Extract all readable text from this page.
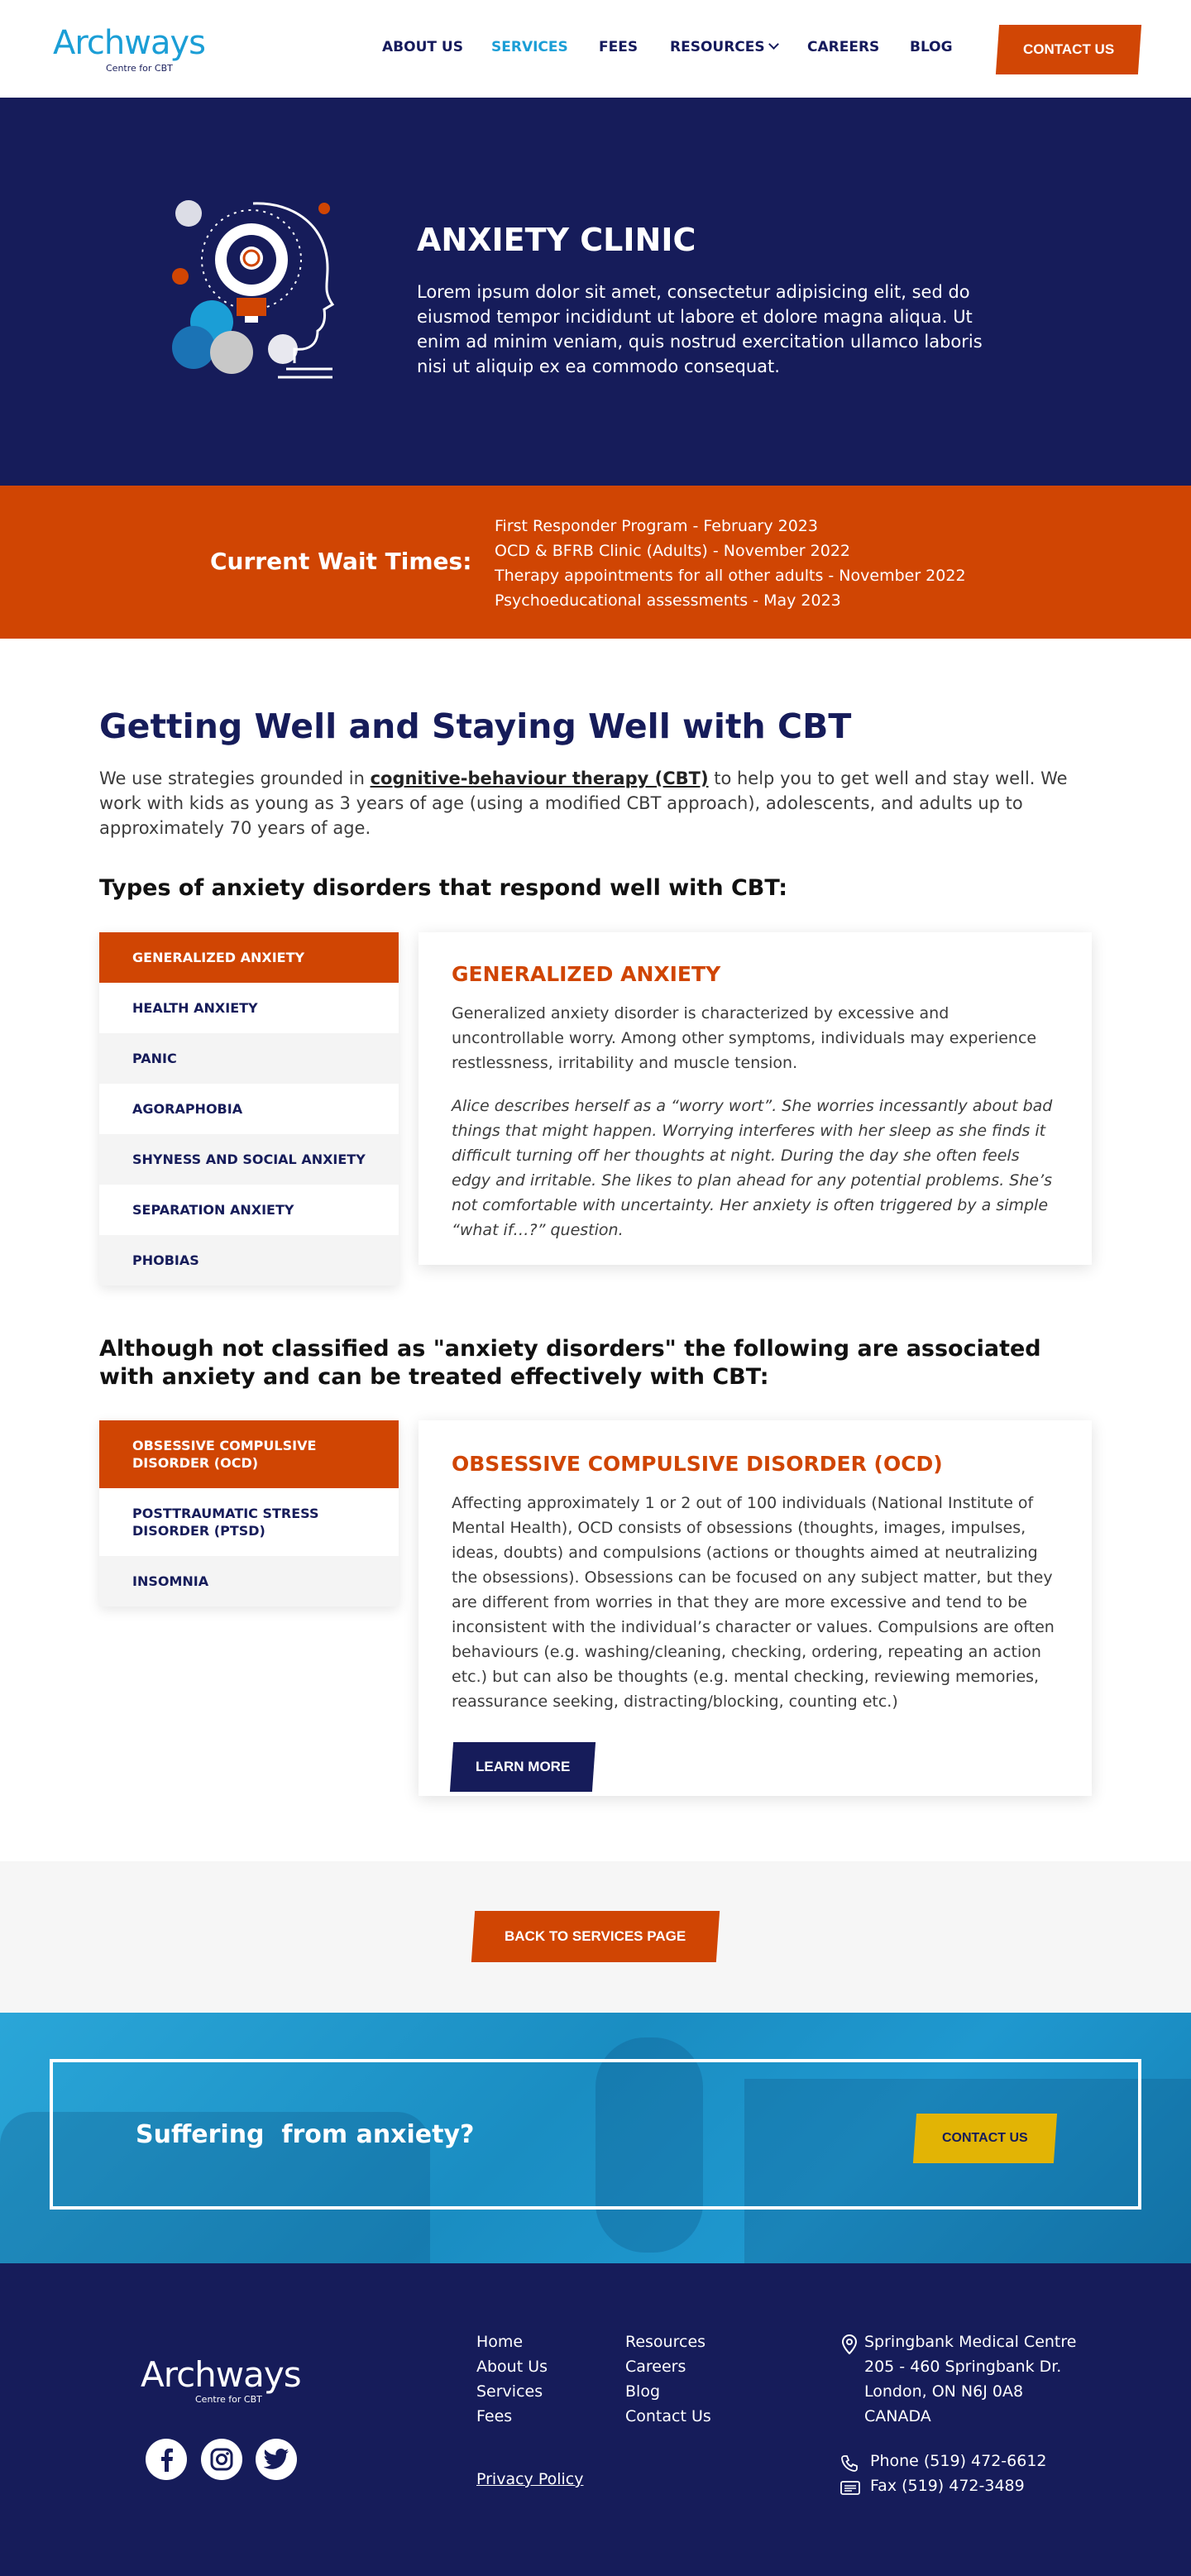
Archways
Centre for CBT
ABOUT US SERVICES FEES RESOURCES	CAREERS BLOG	CONTACT US
ANXIETY CLINIC

Lorem ipsum dolor sit amet, consectetur adipisicing elit, sed do eiusmod tempor incididunt ut labore et dolore magna aliqua. Ut enim ad minim veniam, quis nostrud exercitation ullamco laboris nisi ut aliquip ex ea commodo consequat.

Current Wait Times:
First Responder Program - February 2023
OCD & BFRB Clinic (Adults) - November 2022
Therapy appointments for all other adults - November 2022
Psychoeducational assessments - May 2023
Getting Well and Staying Well with CBT

We use strategies grounded in cognitive-behaviour therapy (CBT) to help you to get well and stay well. We work with kids as young as 3 years of age (using a modified CBT approach), adolescents, and adults up to approximately 70 years of age.

Types of anxiety disorders that respond well with CBT:
GENERALIZED ANXIETY
HEALTH ANXIETY
PANIC
AGORAPHOBIA
SHYNESS AND SOCIAL ANXIETY
SEPARATION ANXIETY
PHOBIAS
GENERALIZED ANXIETY

Generalized anxiety disorder is characterized by excessive and uncontrollable worry. Among other symptoms, individuals may experience restlessness, irritability and muscle tension.

Alice describes herself as a “worry wort”. She worries incessantly about bad things that might happen. Worrying interferes with her sleep as she finds it difficult turning off her thoughts at night. During the day she often feels edgy and irritable. She likes to plan ahead for any potential problems. She’s not comfortable with uncertainty. Her anxiety is often triggered by a simple “what if…?” question.

Although not classified as "anxiety disorders" the following are associated with anxiety and can be treated effectively with CBT:
OBSESSIVE COMPULSIVE DISORDER (OCD)
POSTTRAUMATIC STRESS DISORDER (PTSD)
INSOMNIA
OBSESSIVE COMPULSIVE DISORDER (OCD)

Affecting approximately 1 or 2 out of 100 individuals (National Institute of Mental Health), OCD consists of obsessions (thoughts, images, impulses, ideas, doubts) and compulsions (actions or thoughts aimed at neutralizing the obsessions). Obsessions can be focused on any subject matter, but they are different from worries in that they are more excessive and tend to be inconsistent with the individual’s character or values. Compulsions are often behaviours (e.g. washing/cleaning, checking, ordering, repeating an action etc.) but can also be thoughts (e.g. mental checking, reviewing memories, reassurance seeking, distracting/blocking, counting etc.)

LEARN MORE
BACK TO SERVICES PAGE
Suffering  from anxiety?	CONTACT US
Archways
Centre for CBT
Home
About Us
Services
Fees
Resources
Careers
Blog
Contact Us
Privacy Policy
Springbank Medical Centre
205 - 460 Springbank Dr.
London, ON N6J 0A8
CANADA
Phone (519) 472-6612
Fax (519) 472-3489
